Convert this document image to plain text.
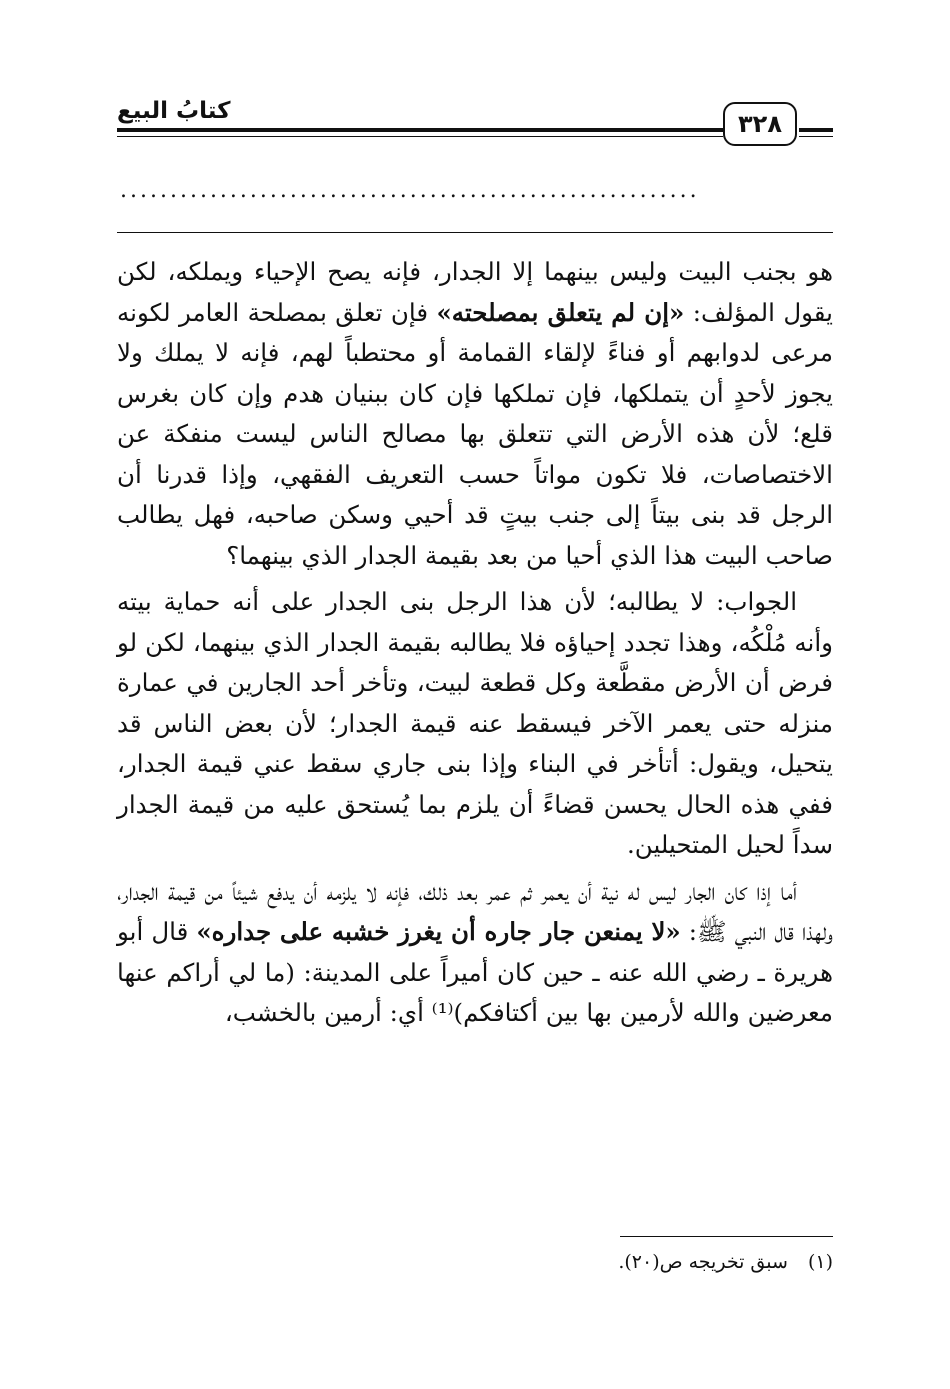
كتابُ البيع	٣٢٨
..........................................................

هو بجنب البيت وليس بينهما إلا الجدار، فإنه يصح الإحياء ويملكه، لكن يقول المؤلف: «إن لم يتعلق بمصلحته» فإن تعلق بمصلحة العامر لكونه مرعى لدوابهم أو فناءً لإلقاء القمامة أو محتطباً لهم، فإنه لا يملك ولا يجوز لأحدٍ أن يتملكها، فإن تملكها فإن كان ببنيان هدم وإن كان بغرس قلع؛ لأن هذه الأرض التي تتعلق بها مصالح الناس ليست منفكة عن الاختصاصات، فلا تكون مواتاً حسب التعريف الفقهي، وإذا قدرنا أن الرجل قد بنى بيتاً إلى جنب بيتٍ قد أحيي وسكن صاحبه، فهل يطالب صاحب البيت هذا الذي أحيا من بعد بقيمة الجدار الذي بينهما؟

الجواب: لا يطالبه؛ لأن هذا الرجل بنى الجدار على أنه حماية بيته وأنه مُلْكُه، وهذا تجدد إحياؤه فلا يطالبه بقيمة الجدار الذي بينهما، لكن لو فرض أن الأرض مقطَّعة وكل قطعة لبيت، وتأخر أحد الجارين في عمارة منزله حتى يعمر الآخر فيسقط عنه قيمة الجدار؛ لأن بعض الناس قد يتحيل، ويقول: أتأخر في البناء وإذا بنى جاري سقط عني قيمة الجدار، ففي هذه الحال يحسن قضاءً أن يلزم بما يُستحق عليه من قيمة الجدار سداً لحيل المتحيلين.

أما إذا كان الجار ليس له نية أن يعمر ثم عمر بعد ذلك، فإنه لا يلزمه أن يدفع شيئاً من قيمة الجدار، ولهذا قال النبي ﷺ: «لا يمنعن جار جاره أن يغرز خشبه على جداره» قال أبو هريرة ـ رضي الله عنه ـ حين كان أميراً على المدينة: (ما لي أراكم عنها معرضين والله لأرمين بها بين أكتافكم)⁽¹⁾ أي: أرمين بالخشب،

(١)سبق تخريجه ص(٢٠).
